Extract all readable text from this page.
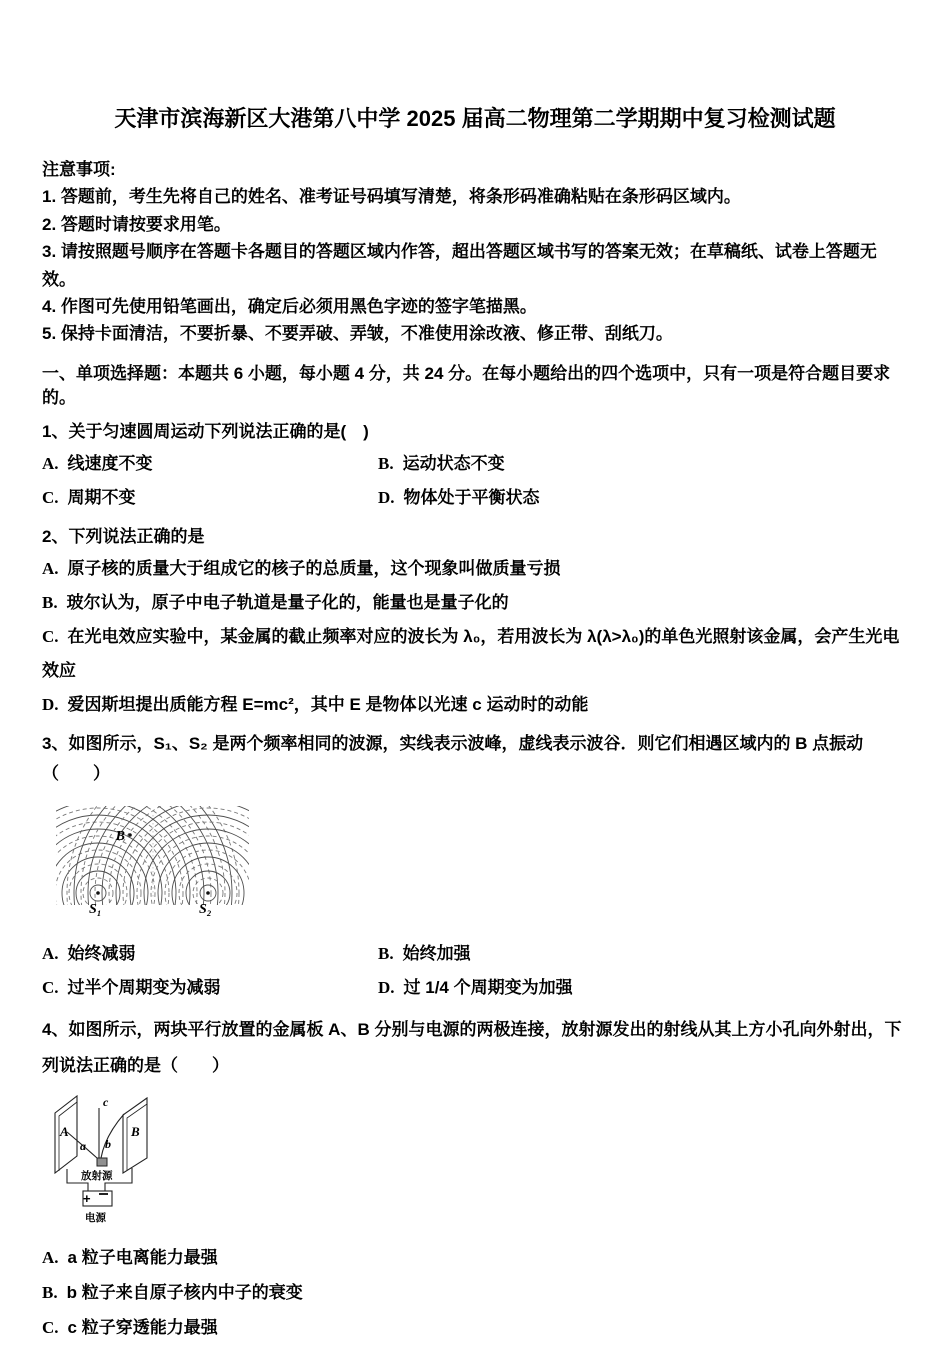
天津市滨海新区大港第八中学 2025 届高二物理第二学期期中复习检测试题
注意事项:
1. 答题前，考生先将自己的姓名、准考证号码填写清楚，将条形码准确粘贴在条形码区域内。
2. 答题时请按要求用笔。
3. 请按照题号顺序在答题卡各题目的答题区域内作答，超出答题区域书写的答案无效；在草稿纸、试卷上答题无效。
4. 作图可先使用铅笔画出，确定后必须用黑色字迹的签字笔描黑。
5. 保持卡面清洁，不要折暴、不要弄破、弄皱，不准使用涂改液、修正带、刮纸刀。
一、单项选择题：本题共 6 小题，每小题 4 分，共 24 分。在每小题给出的四个选项中，只有一项是符合题目要求的。
1、关于匀速圆周运动下列说法正确的是(　)
A. 线速度不变	B. 运动状态不变
C. 周期不变	D. 物体处于平衡状态
2、下列说法正确的是
A. 原子核的质量大于组成它的核子的总质量，这个现象叫做质量亏损
B. 玻尔认为，原子中电子轨道是量子化的，能量也是量子化的
C. 在光电效应实验中，某金属的截止频率对应的波长为 λ₀，若用波长为 λ(λ>λ₀)的单色光照射该金属，会产生光电效应
D. 爱因斯坦提出质能方程 E=mc²，其中 E 是物体以光速 c 运动时的动能
3、如图所示，S₁、S₂ 是两个频率相同的波源，实线表示波峰，虚线表示波谷．则它们相遇区域内的 B 点振动（　　）
B
S₁	S₂
A. 始终减弱	B. 始终加强
C. 过半个周期变为减弱	D. 过 1/4 个周期变为加强
4、如图所示，两块平行放置的金属板 A、B 分别与电源的两极连接，放射源发出的射线从其上方小孔向外射出，下列说法正确的是（　　）
A	B
a b
c
放射源
+
电源
A. a 粒子电离能力最强
B. b 粒子来自原子核内中子的衰变
C. c 粒子穿透能力最强
